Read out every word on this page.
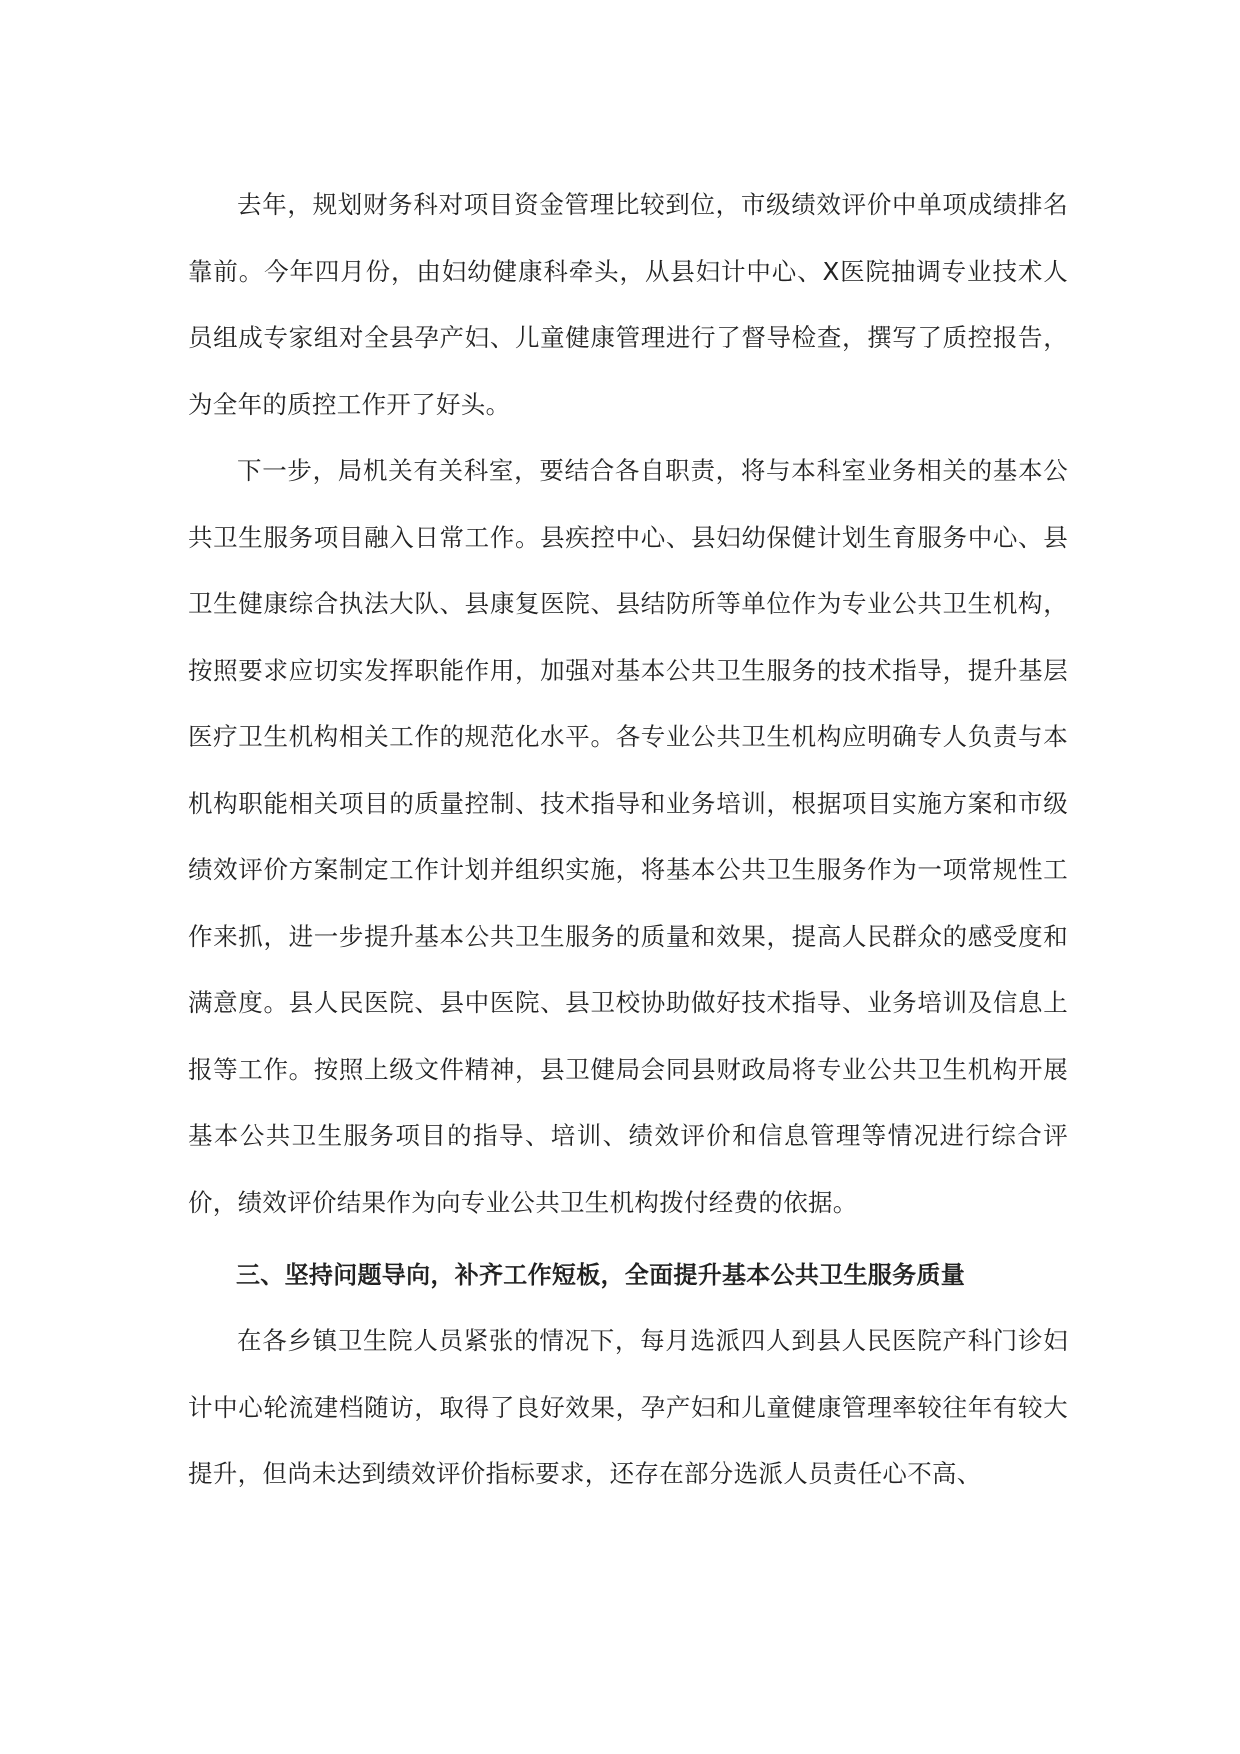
去年，规划财务科对项目资金管理比较到位，市级绩效评价中单项成绩排名靠前。今年四月份，由妇幼健康科牵头，从县妇计中心、X医院抽调专业技术人员组成专家组对全县孕产妇、儿童健康管理进行了督导检查，撰写了质控报告，为全年的质控工作开了好头。

下一步，局机关有关科室，要结合各自职责，将与本科室业务相关的基本公共卫生服务项目融入日常工作。县疾控中心、县妇幼保健计划生育服务中心、县卫生健康综合执法大队、县康复医院、县结防所等单位作为专业公共卫生机构，按照要求应切实发挥职能作用，加强对基本公共卫生服务的技术指导，提升基层医疗卫生机构相关工作的规范化水平。各专业公共卫生机构应明确专人负责与本机构职能相关项目的质量控制、技术指导和业务培训，根据项目实施方案和市级绩效评价方案制定工作计划并组织实施，将基本公共卫生服务作为一项常规性工作来抓，进一步提升基本公共卫生服务的质量和效果，提高人民群众的感受度和满意度。县人民医院、县中医院、县卫校协助做好技术指导、业务培训及信息上报等工作。按照上级文件精神，县卫健局会同县财政局将专业公共卫生机构开展基本公共卫生服务项目的指导、培训、绩效评价和信息管理等情况进行综合评价，绩效评价结果作为向专业公共卫生机构拨付经费的依据。

三、坚持问题导向，补齐工作短板，全面提升基本公共卫生服务质量

在各乡镇卫生院人员紧张的情况下，每月选派四人到县人民医院产科门诊妇计中心轮流建档随访，取得了良好效果，孕产妇和儿童健康管理率较往年有较大提升，但尚未达到绩效评价指标要求，还存在部分选派人员责任心不高、
